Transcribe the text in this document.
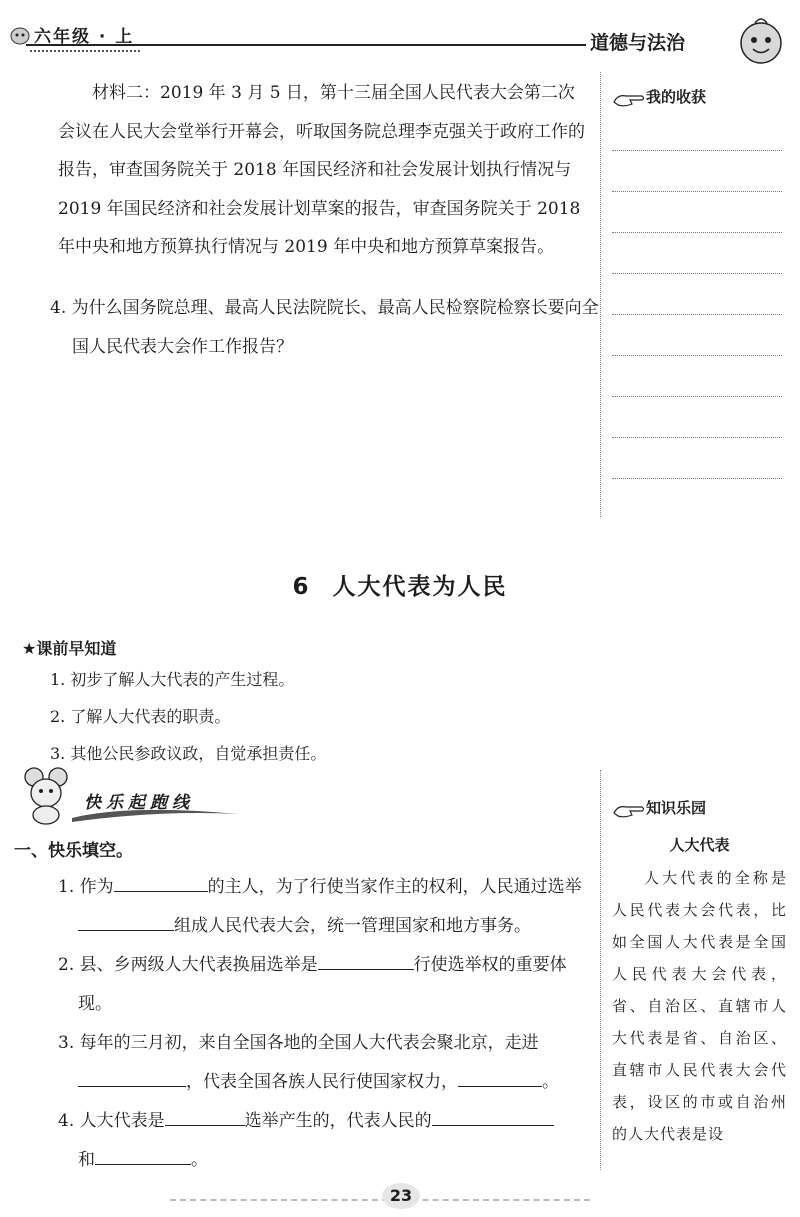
六年级 · 上	道德与法治
材料二：2019 年 3 月 5 日，第十三届全国人民代表大会第二次会议在人民大会堂举行开幕会，听取国务院总理李克强关于政府工作的报告，审查国务院关于 2018 年国民经济和社会发展计划执行情况与 2019 年国民经济和社会发展计划草案的报告，审查国务院关于 2018 年中央和地方预算执行情况与 2019 年中央和地方预算草案报告。
4. 为什么国务院总理、最高人民法院院长、最高人民检察院检察长要向全国人民代表大会作工作报告？
我的收获
6 人大代表为人民
★课前早知道
1. 初步了解人大代表的产生过程。
2. 了解人大代表的职责。
3. 其他公民参政议政，自觉承担责任。
快乐起跑线
一、快乐填空。
1. 作为	的主人，为了行使当家作主的权利，人民通过选举组成人民代表大会，统一管理国家和地方事务。
2. 县、乡两级人大代表换届选举是	行使选举权的重要体现。
3. 每年的三月初，来自全国各地的全国人大代表会聚北京，走进，代表全国各族人民行使国家权力，	。
4. 人大代表是	选举产生的，代表人民的
和	。
知识乐园
人大代表
人大代表的全称是人民代表大会代表，比如全国人大代表是全国人民代表大会代表，省、自治区、直辖市人大代表是省、自治区、直辖市人民代表大会代表，设区的市或自治州的人大代表是设
23
